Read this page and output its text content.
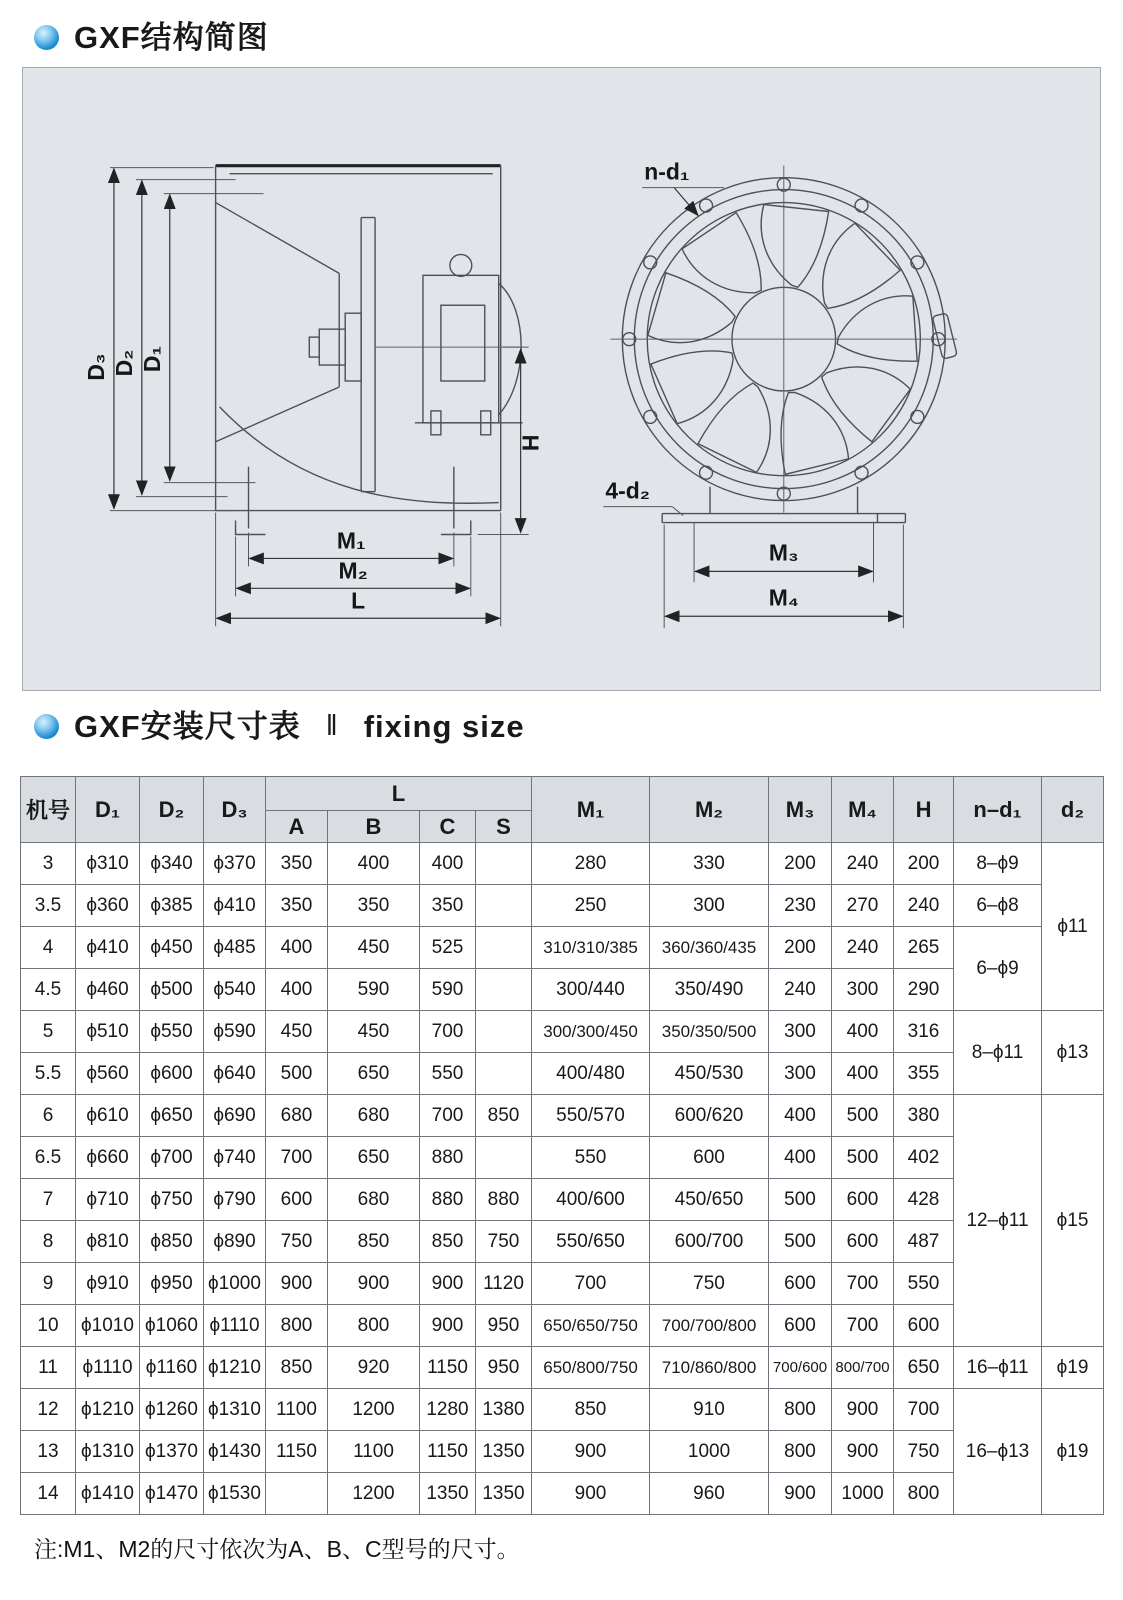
GXF结构简图
D₃ D₂ D₁
H
M₁
M₂
L
n-d₁
4-d₂
M₃
M₄
GXF安装尺寸表 ‖ fixing size
机号	D₁	D₂	D₃	L				M₁	M₂	M₃	M₄	H	n–d₁	d₂
				A	B	C	S							
3	ϕ310	ϕ340	ϕ370	350	400	400		280	330	200	240	200	8–ϕ9	ϕ11
3.5	ϕ360	ϕ385	ϕ410	350	350	350		250	300	230	270	240	6–ϕ8	
4	ϕ410	ϕ450	ϕ485	400	450	525		310/310/385	360/360/435	200	240	265	6–ϕ9	
4.5	ϕ460	ϕ500	ϕ540	400	590	590		300/440	350/490	240	300	290		
5	ϕ510	ϕ550	ϕ590	450	450	700		300/300/450	350/350/500	300	400	316	8–ϕ11	ϕ13
5.5	ϕ560	ϕ600	ϕ640	500	650	550		400/480	450/530	300	400	355		
6	ϕ610	ϕ650	ϕ690	680	680	700	850	550/570	600/620	400	500	380	12–ϕ11	ϕ15
6.5	ϕ660	ϕ700	ϕ740	700	650	880		550	600	400	500	402		
7	ϕ710	ϕ750	ϕ790	600	680	880	880	400/600	450/650	500	600	428		
8	ϕ810	ϕ850	ϕ890	750	850	850	750	550/650	600/700	500	600	487		
9	ϕ910	ϕ950	ϕ1000	900	900	900	1120	700	750	600	700	550		
10	ϕ1010	ϕ1060	ϕ1110	800	800	900	950	650/650/750	700/700/800	600	700	600		
11	ϕ1110	ϕ1160	ϕ1210	850	920	1150	950	650/800/750	710/860/800	700/600	800/700	650	16–ϕ11	ϕ19
12	ϕ1210	ϕ1260	ϕ1310	1100	1200	1280	1380	850	910	800	900	700	16–ϕ13	ϕ19
13	ϕ1310	ϕ1370	ϕ1430	1150	1100	1150	1350	900	1000	800	900	750		
14	ϕ1410	ϕ1470	ϕ1530		1200	1350	1350	900	960	900	1000	800		

注:M1、M2的尺寸依次为A、B、C型号的尺寸。
